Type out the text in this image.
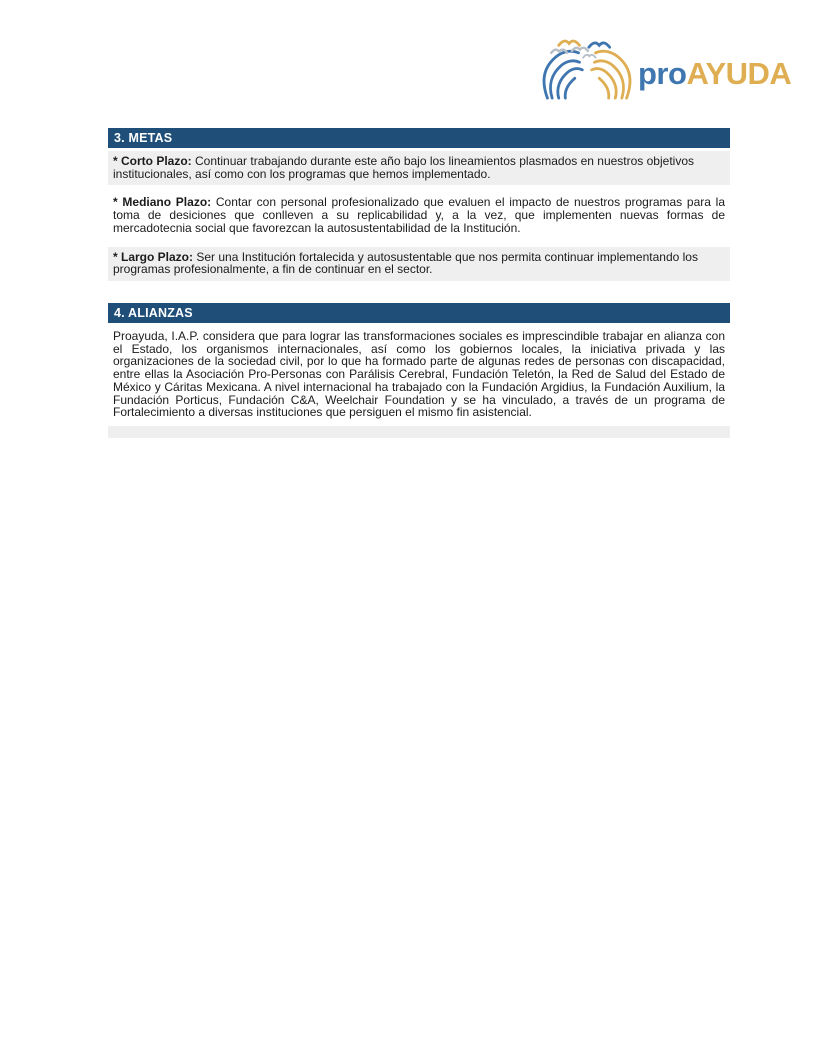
proAYUDA
3. METAS

* Corto Plazo: Continuar trabajando durante este año bajo los lineamientos plasmados en nuestros objetivos institucionales, así como con los programas que hemos implementado.

* Mediano Plazo: Contar con personal profesionalizado que evaluen el impacto de nuestros programas para la toma de desiciones que conlleven a su replicabilidad y, a la vez, que implementen nuevas formas de mercadotecnia social que favorezcan la autosustentabilidad de la Institución.

* Largo Plazo: Ser una Institución fortalecida y autosustentable que nos permita continuar implementando los programas profesionalmente, a fin de continuar en el sector.

4. ALIANZAS

Proayuda, I.A.P. considera que para lograr las transformaciones sociales es imprescindible trabajar en alianza con el Estado, los organismos internacionales, así como los gobiernos locales, la iniciativa privada y las organizaciones de la sociedad civil, por lo que ha formado parte de algunas redes de personas con discapacidad, entre ellas la Asociación Pro-Personas con Parálisis Cerebral, Fundación Teletón, la Red de Salud del Estado de México y Cáritas Mexicana. A nivel internacional ha trabajado con la Fundación Argidius, la Fundación Auxilium, la Fundación Porticus, Fundación C&A, Weelchair Foundation y se ha vinculado, a través de un programa de Fortalecimiento a diversas instituciones que persiguen el mismo fin asistencial.
